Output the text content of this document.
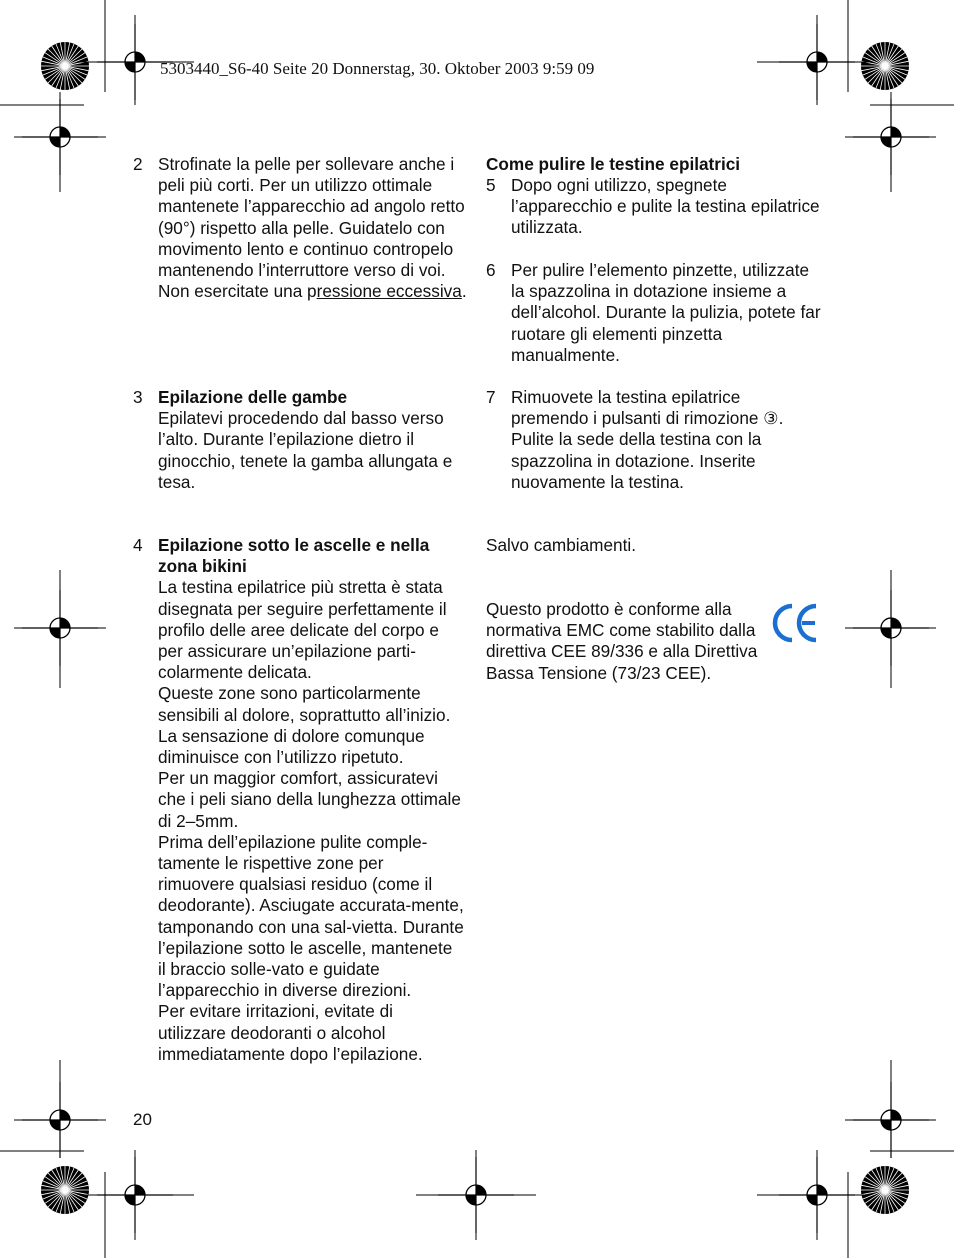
5303440_S6-40 Seite 20 Donnerstag, 30. Oktober 2003 9:59 09
2 Strofinate la pelle per sollevare anche i peli più corti. Per un utilizzo ottimale mantenete l’apparecchio ad angolo retto (90°) rispetto alla pelle. Guidatelo con movimento lento e continuo contropelo mantenendo l’interruttore verso di voi.

Non esercitate una pressione eccessiva.

3 Epilazione delle gambe

Epilatevi procedendo dal basso verso l’alto. Durante l’epilazione dietro il ginocchio, tenete la gamba allungata e tesa.

4 Epilazione sotto le ascelle e nella zona bikini

La testina epilatrice più stretta è stata disegnata per seguire perfettamente il profilo delle aree delicate del corpo e per assicurare un’epilazione parti-colarmente delicata.

Queste zone sono particolarmente sensibili al dolore, soprattutto all’inizio. La sensazione di dolore comunque diminuisce con l’utilizzo ripetuto.

Per un maggior comfort, assicuratevi che i peli siano della lunghezza ottimale di 2–5mm.

Prima dell’epilazione pulite comple-tamente le rispettive zone per rimuovere qualsiasi residuo (come il deodorante). Asciugate accurata-mente, tamponando con una sal-vietta. Durante l’epilazione sotto le ascelle, mantenete il braccio solle-vato e guidate l’apparecchio in diverse direzioni.

Per evitare irritazioni, evitate di utilizzare deodoranti o alcohol immediatamente dopo l’epilazione.

Come pulire le testine epilatrici
5 Dopo ogni utilizzo, spegnete l’apparecchio e pulite la testina epilatrice utilizzata.

6 Per pulire l’elemento pinzette, utilizzate la spazzolina in dotazione insieme a dell’alcohol. Durante la pulizia, potete far ruotare gli elementi pinzetta manualmente.

7 Rimuovete la testina epilatrice premendo i pulsanti di rimozione ③. Pulite la sede della testina con la spazzolina in dotazione. Inserite nuovamente la testina.

Salvo cambiamenti.
Questo prodotto è conforme alla normativa EMC come stabilito dalla direttiva CEE 89/336 e alla Direttiva Bassa Tensione (73/23 CEE).
20
